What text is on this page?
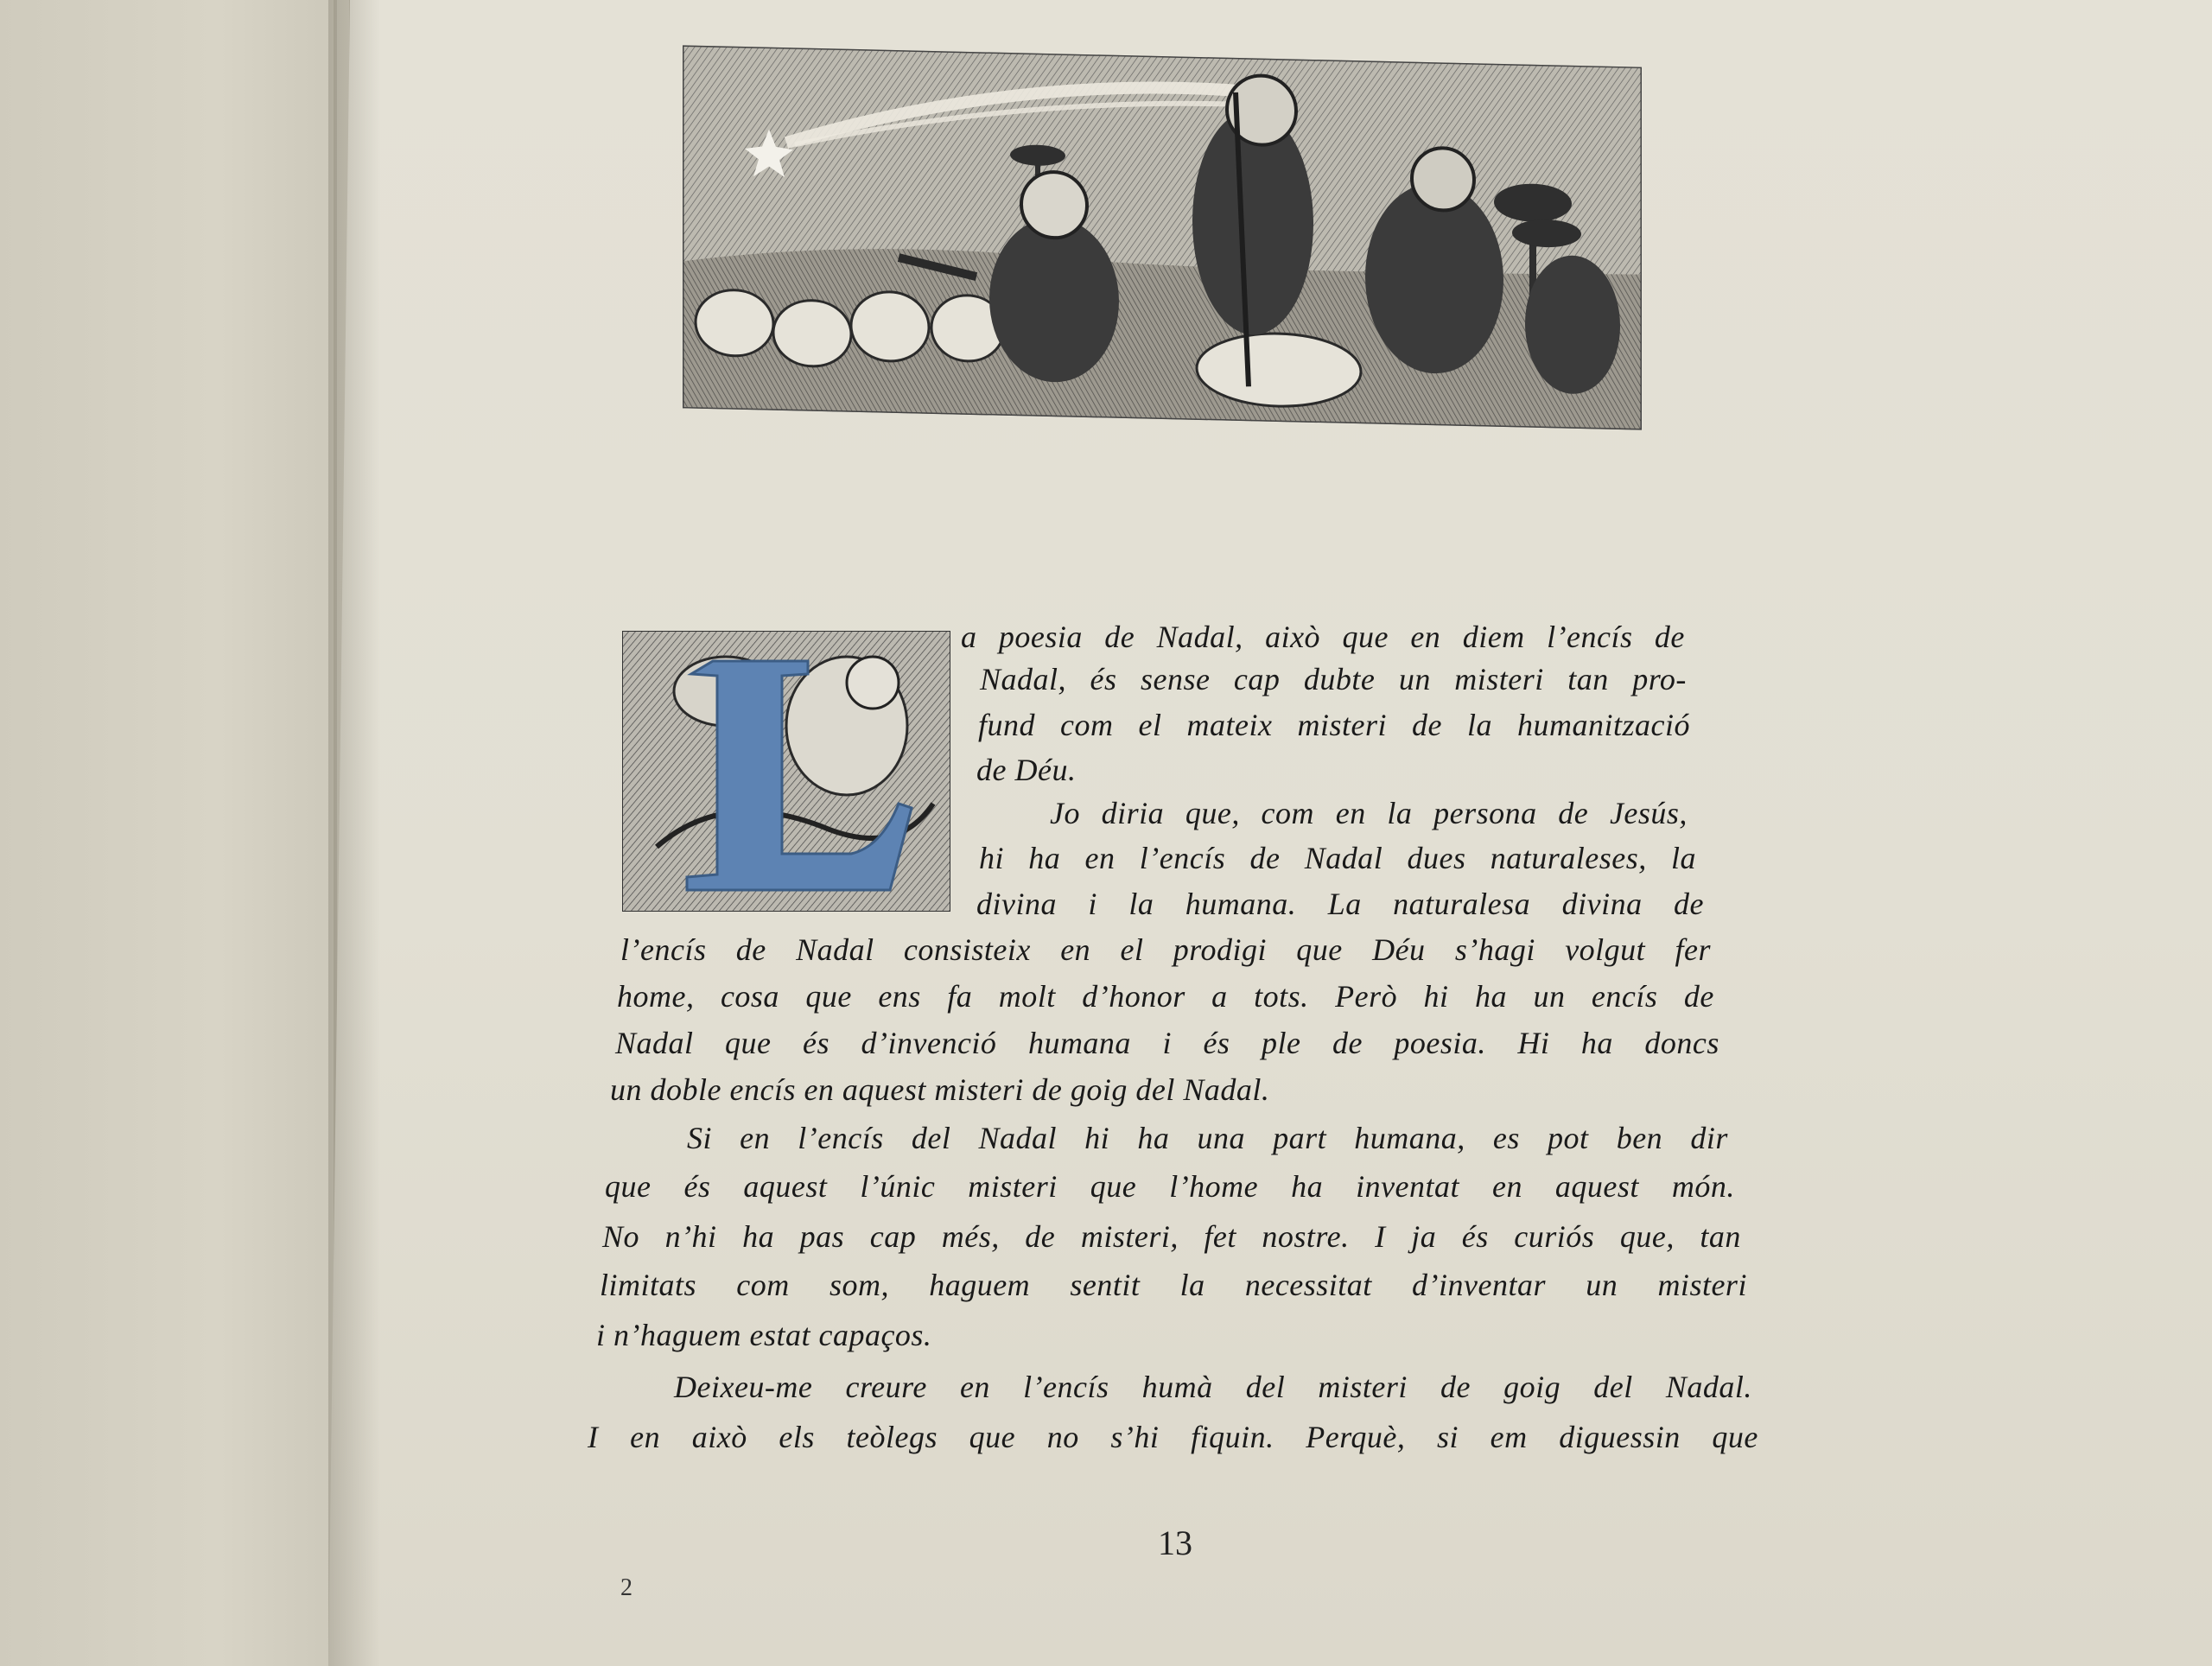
a poesia de Nadal, això que en diem l’encís de
Nadal, és sense cap dubte un misteri tan pro-
fund com el mateix misteri de la humanització
de Déu.
Jo diria que, com en la persona de Jesús,
hi ha en l’encís de Nadal dues naturaleses, la
divina i la humana. La naturalesa divina de
l’encís de Nadal consisteix en el prodigi que Déu s’hagi volgut fer
home, cosa que ens fa molt d’honor a tots. Però hi ha un encís de
Nadal que és d’invenció humana i és ple de poesia. Hi ha doncs
un doble encís en aquest misteri de goig del Nadal.
Si en l’encís del Nadal hi ha una part humana, es pot ben dir
que és aquest l’únic misteri que l’home ha inventat en aquest món.
No n’hi ha pas cap més, de misteri, fet nostre. I ja és curiós que, tan
limitats com som, haguem sentit la necessitat d’inventar un misteri
i n’haguem estat capaços.
Deixeu-me creure en l’encís humà del misteri de goig del Nadal.
I en això els teòlegs que no s’hi fiquin. Perquè, si em diguessin que
13
2
